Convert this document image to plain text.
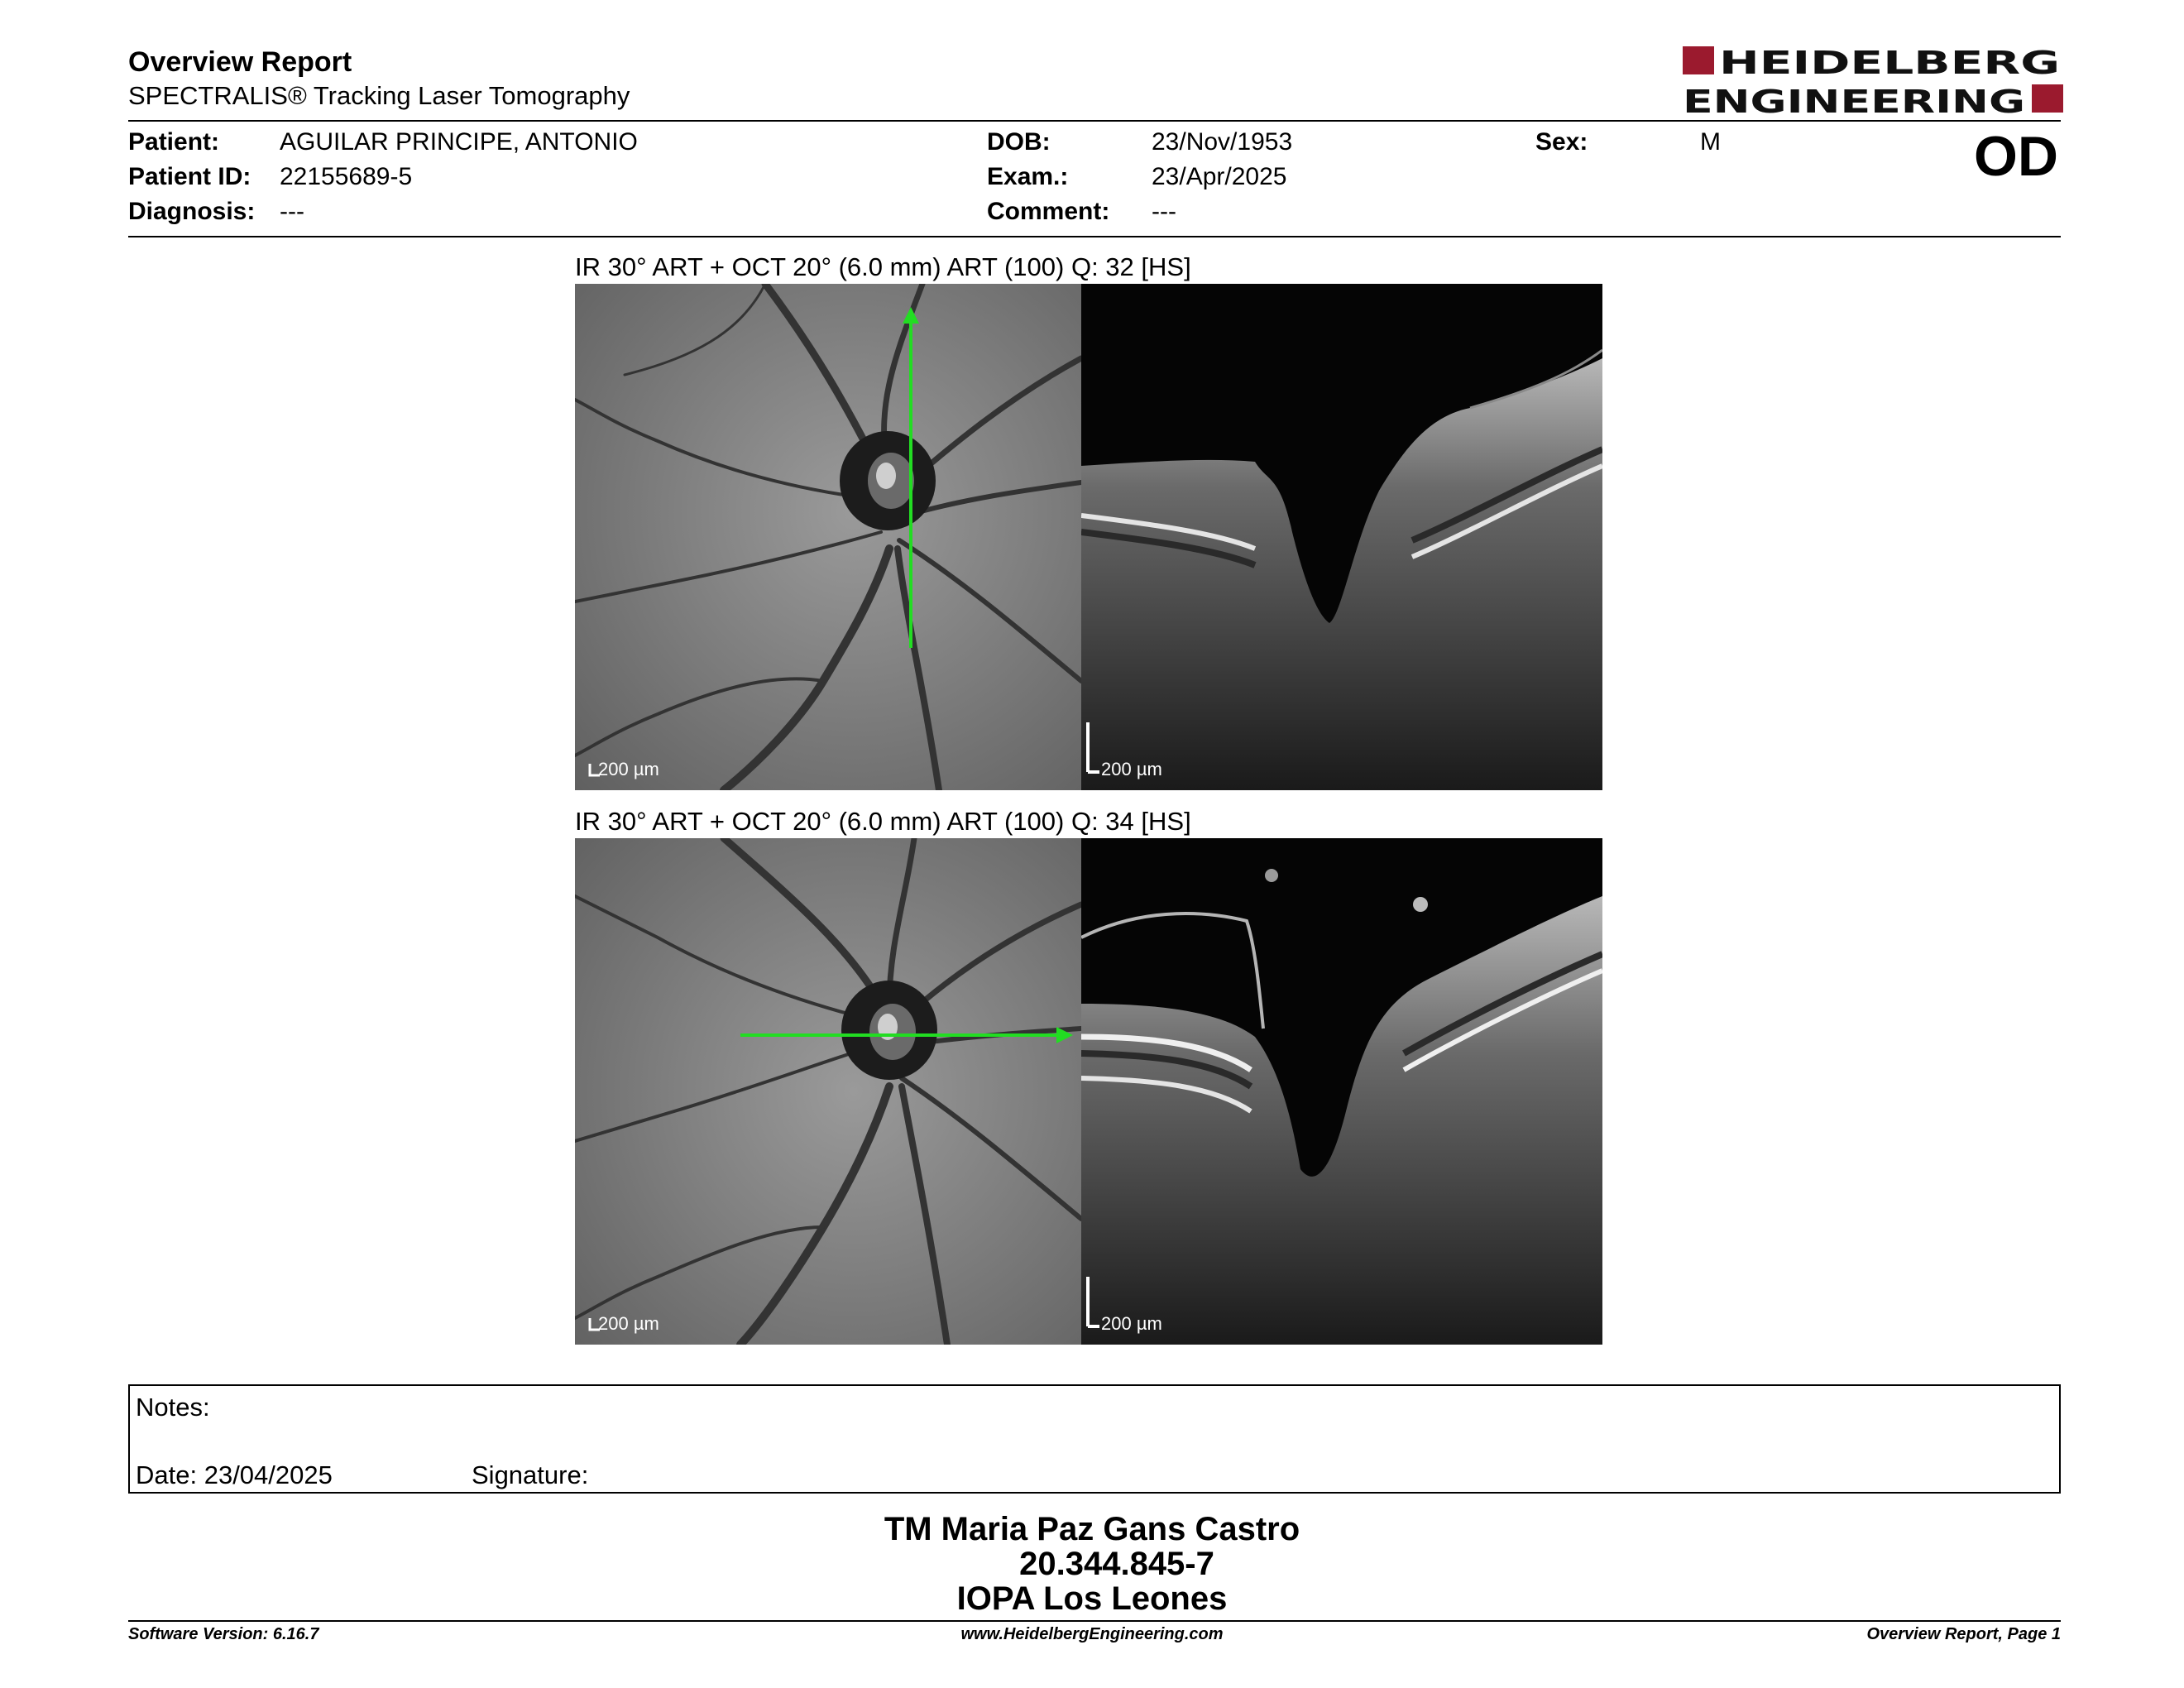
Overview Report
SPECTRALIS® Tracking Laser Tomography
HEIDELBERG
ENGINEERING
Patient: AGUILAR PRINCIPE, ANTONIO
Patient ID: 22155689-5
Diagnosis: ---
DOB:	23/Nov/1953
Exam.:	23/Apr/2025
Comment: ---
Sex:	M	OD
IR 30° ART + OCT 20° (6.0 mm) ART (100) Q: 32 [HS]
200 µm	200 µm
IR 30° ART + OCT 20° (6.0 mm) ART (100) Q: 34 [HS]
200 µm	200 µm
Notes:
Date: 23/04/2025	Signature:
TM Maria Paz Gans Castro
20.344.845-7
IOPA Los Leones
Software Version: 6.16.7	www.HeidelbergEngineering.com	Overview Report, Page 1
